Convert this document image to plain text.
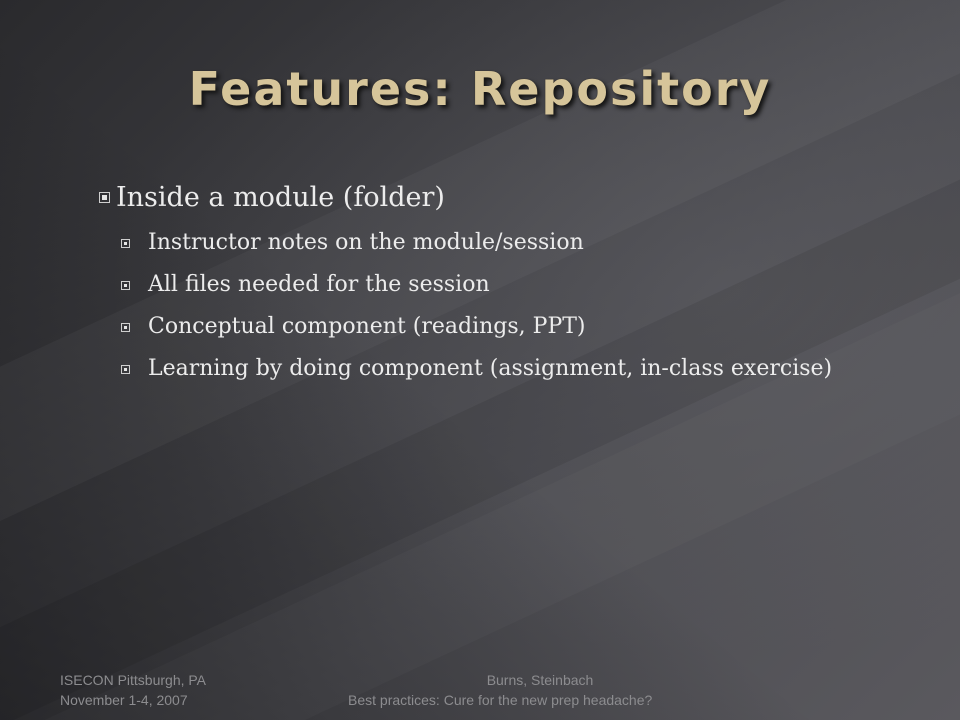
Features: Repository
Inside a module (folder)
Instructor notes on the module/session
All files needed for the session
Conceptual component (readings, PPT)
Learning by doing component (assignment, in-class exercise)
ISECON Pittsburgh, PA
November 1-4, 2007
Burns, Steinbach
Best practices: Cure for the new prep headache?
